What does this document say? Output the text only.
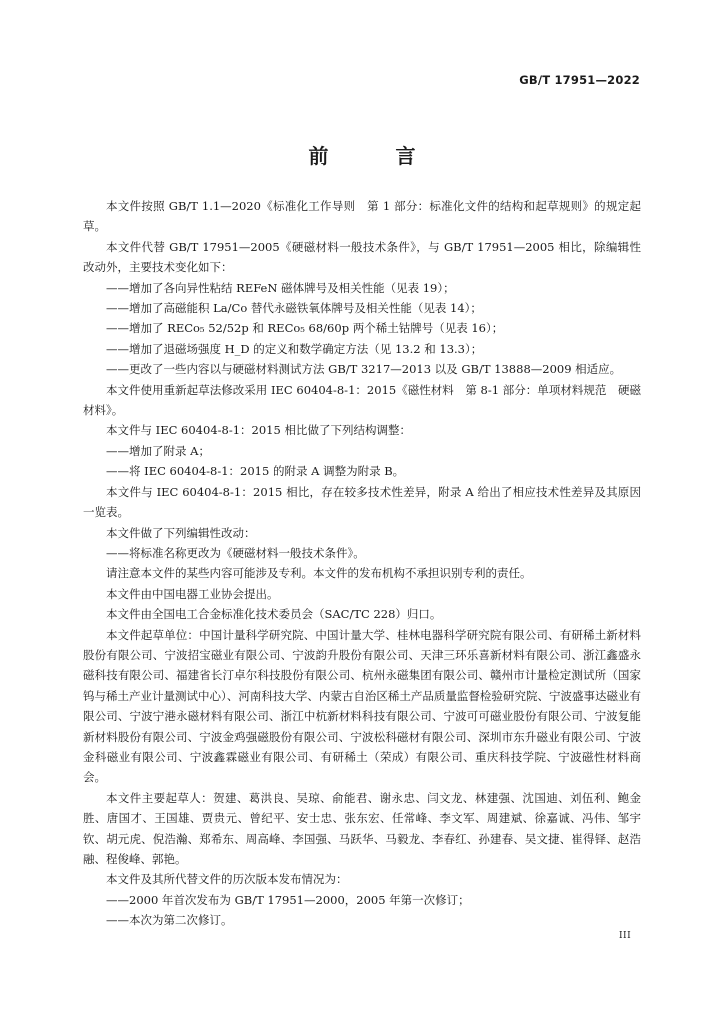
GB/T 17951—2022
前 言

本文件按照 GB/T 1.1—2020《标准化工作导则　第 1 部分：标准化文件的结构和起草规则》的规定起草。

本文件代替 GB/T 17951—2005《硬磁材料一般技术条件》，与 GB/T 17951—2005 相比，除编辑性改动外，主要技术变化如下：

——增加了各向异性粘结 REFeN 磁体牌号及相关性能（见表 19）；

——增加了高磁能积 La/Co 替代永磁铁氧体牌号及相关性能（见表 14）；

——增加了 RECo₅ 52/52p 和 RECo₅ 68/60p 两个稀土钴牌号（见表 16）；

——增加了退磁场强度 H_D 的定义和数学确定方法（见 13.2 和 13.3）；

——更改了一些内容以与硬磁材料测试方法 GB/T 3217—2013 以及 GB/T 13888—2009 相适应。

本文件使用重新起草法修改采用 IEC 60404-8-1：2015《磁性材料　第 8-1 部分：单项材料规范　硬磁材料》。

本文件与 IEC 60404-8-1：2015 相比做了下列结构调整：

——增加了附录 A；

——将 IEC 60404-8-1：2015 的附录 A 调整为附录 B。

本文件与 IEC 60404-8-1：2015 相比，存在较多技术性差异，附录 A 给出了相应技术性差异及其原因一览表。

本文件做了下列编辑性改动：

——将标准名称更改为《硬磁材料一般技术条件》。

请注意本文件的某些内容可能涉及专利。本文件的发布机构不承担识别专利的责任。

本文件由中国电器工业协会提出。

本文件由全国电工合金标准化技术委员会（SAC/TC 228）归口。

本文件起草单位：中国计量科学研究院、中国计量大学、桂林电器科学研究院有限公司、有研稀土新材料股份有限公司、宁波招宝磁业有限公司、宁波韵升股份有限公司、天津三环乐喜新材料有限公司、浙江鑫盛永磁科技有限公司、福建省长汀卓尔科技股份有限公司、杭州永磁集团有限公司、赣州市计量检定测试所（国家钨与稀土产业计量测试中心）、河南科技大学、内蒙古自治区稀土产品质量监督检验研究院、宁波盛事达磁业有限公司、宁波宁港永磁材料有限公司、浙江中杭新材料科技有限公司、宁波可可磁业股份有限公司、宁波复能新材料股份有限公司、宁波金鸡强磁股份有限公司、宁波松科磁材有限公司、深圳市东升磁业有限公司、宁波金科磁业有限公司、宁波鑫霖磁业有限公司、有研稀土（荣成）有限公司、重庆科技学院、宁波磁性材料商会。

本文件主要起草人：贺建、葛洪良、吴琼、俞能君、谢永忠、闫文龙、林建强、沈国迪、刘伍利、鲍金胜、唐国才、王国雄、贾贵元、曾纪平、安士忠、张东宏、任常峰、李文军、周建斌、徐嘉诚、冯伟、邹宇钦、胡元虎、倪浩瀚、郑希东、周高峰、李国强、马跃华、马毅龙、李春红、孙建春、吴文捷、崔得铎、赵浩融、程俊峰、郭艳。

本文件及其所代替文件的历次版本发布情况为：

——2000 年首次发布为 GB/T 17951—2000，2005 年第一次修订；

——本次为第二次修订。

III
